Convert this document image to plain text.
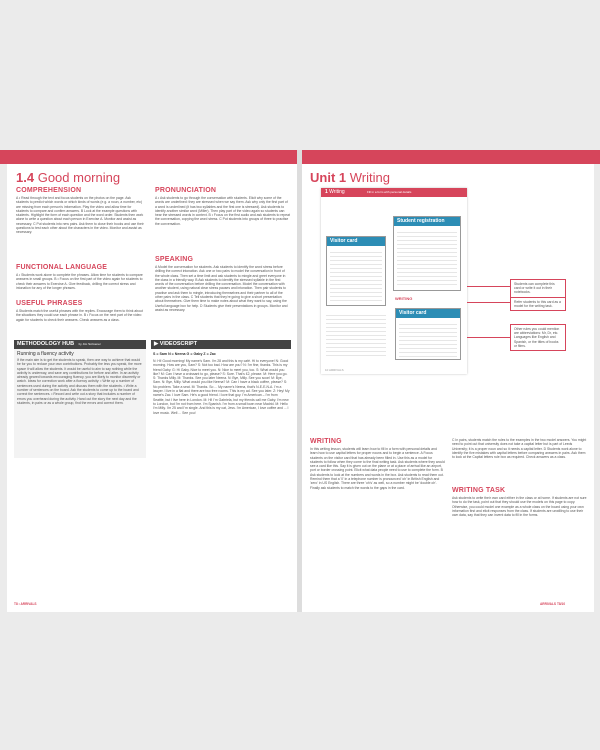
1.4 Good morning
COMPREHENSION
A • Read through the text and focus students on the photos on the page. Ask students to predict which words or which kinds of words (e.g. a noun, a number, etc) are missing from each person's information. Play the video and allow time for students to compare and confirm answers. B Look at the example questions with students. Highlight the form of each question and the word order. Students then work alone to write a question about each person in Exercise A. Monitor and assist as necessary. C Put students into new pairs. Ask them to close their books and use their questions to test each other about the characters in the video. Monitor and assist as necessary.
FUNCTIONAL LANGUAGE
A • Students work alone to complete the phrases. Allow time for students to compare answers in small groups. B • Focus on the first part of the video again for students to check their answers to Exercise A. Give feedback, drilling the correct stress and intonation for any of the longer phrases.
USEFUL PHRASES
A Students match the useful phrases with the replies. Encourage them to think about the situations they could use each phrase in. B • Focus on the next part of the video again for students to check their answers. Check answers as a class.
PRONUNCIATION
A • Ask students to go through the conversation with students. Elicit why some of the words are underlined: they are stressed when we say them. Ask why only the first part of a word is underlined (it has two syllables and the first one is stressed). Ask students to identify another similar word (Miller). Then play part of the video again so students can hear the stressed words in context. B • Focus on the first audio and ask students to repeat the conversation, copying the word stress. C Put students into groups of three to practise the conversation.
SPEAKING
A Model the conversation for students. Ask students to identify the word stress before drilling the correct intonation. Ask one or two pairs to model the conversation in front of the whole class. Then set a time limit and ask students to mingle and greet everyone in the class in a friendly way. B Ask students to identify the stressed syllable in the first words of the conversation before drilling the conversation. Model the conversation with another student, using natural clear stress pauses and intonation. Then pair students to practise and ask them to mingle, introducing themselves and their partner to all of the other pairs in the class. C Tell students that they're going to give a short presentation about themselves. Give them time to make notes about what they want to say, using the Useful language box for help. D Students give their presentations in groups. Monitor and assist as necessary.
METHODOLOGY HUB by Jim Scrivener
Running a fluency activity
If the main aim is to get the students to speak, then one way to achieve that would be for you to reduce your own contributions. Probably the less you speak, the more space it will allow the students. It would be useful to aim to say nothing while the activity is underway, and save any contributions for before and after. In an activity already geared towards encouraging fluency, you are likely to monitor discreetly or watch. Ideas for correction work after a fluency activity: • Write up a number of sentences used during the activity and discuss them with the students. • Write a number of sentences on the board. Ask the students to come up to the board and correct the sentences. • Record and write out a story that includes a number of errors you overheard during the activity. Hand out the story the next day and the students, in pairs or as a whole group, find the errors and correct them.
▶ VIDEOSCRIPT
S = Sam N = Neena G = Gaby Z = Zac
N: Hi! Good morning! My name's Sam. I'm 28 and this is my café. Hi to everyone! N: Good morning. How are you, Sam? S: Not too bad. How are you? N: I'm fine, thanks. This is my friend Gaby. G: Hi Gaby. Nice to meet you. N: Nice to meet you, too. S: What would you like? M: Can I have a croissant to go, please? S: Sure. That's £2, please. M: Here you go. S: Thanks Milly. M: Thanks. See you later Neena. N: Bye, Milly. See you soon! M: Bye, Sam. N: Bye, Milly. What would you like Neena? M: Can I have a black coffee, please? S: No problem. Take a seat. M: Thanks. So ... My name's Neena, that's N-E-E-N-A. I'm a lawyer. I live in a flat and there are two free rooms. This is my ad. See you later. Z: Hey! My name's Zac. I love Sam. He's a good friend. I love that guy. I'm American – I'm from Seattle, but I live here in London. M: Hi! I'm Gabriela, but my friends call me Gaby. I'm new to London, but I'm not from here. I'm Spanish. I'm from a small town near Madrid. M: Hello I'm Milly. I'm 25 and I'm single. And this is my cat, Jess. I'm American, I love coffee and ... I love music. Well ... See you!
T8 • ARRIVALS
Unit 1 Writing
1 Writing	Fill in a form with personal details
Visitor card
Student registration
WRITING
Visitor card
10 ARRIVALS
Students can complete this card or write it out in their notebooks.
Refer students to this card as a model for the writing task.
Other rules you could mention are abbreviations: Mr, Dr, etc. Languages like English and Spanish, or the titles of books or films.
WRITING
In this writing lesson, students will learn how to fill in a form with personal details and learn how to use capital letters for proper nouns and to begin a sentence. A Focus students on the visitor card that has already been filled in. Use this as a model for students to follow when they come to the final writing task. Ask students where they would see a card like this. Say it is given out on the plane or at a place of arrival like an airport, port or border crossing point. Elicit what data people need to use to complete the form. B Ask students to look at the numbers and words in the box. Ask students to read them out. Remind them that a '0' in a telephone number is pronounced 'oh' in British English and 'zero' in US English. There are three 'oh's' as well, so a number might be 'double oh'. Finally ask students to match the words to the gaps in the card.
C In pairs, students match the rules to the examples in the two model answers. You might need to point out that university does not take a capital letter but is part of Leeds University; it is a proper noun and so it needs a capital letter. D Students work alone to identify the five mistakes with capital letters before comparing answers in pairs. Ask them to look at the Capital letters rule box as required. Check answers as a class.
WRITING TASK
Ask students to write their own card either in the class or at home. If students are not sure how to do the task, point out that they should use the models on this page to copy. Otherwise, you could model one example as a whole class on the board using your own information first and elicit responses from the class. If students are unwilling to use their own data, say that they can invent data to fill in the forms.
ARRIVALS T8/10
